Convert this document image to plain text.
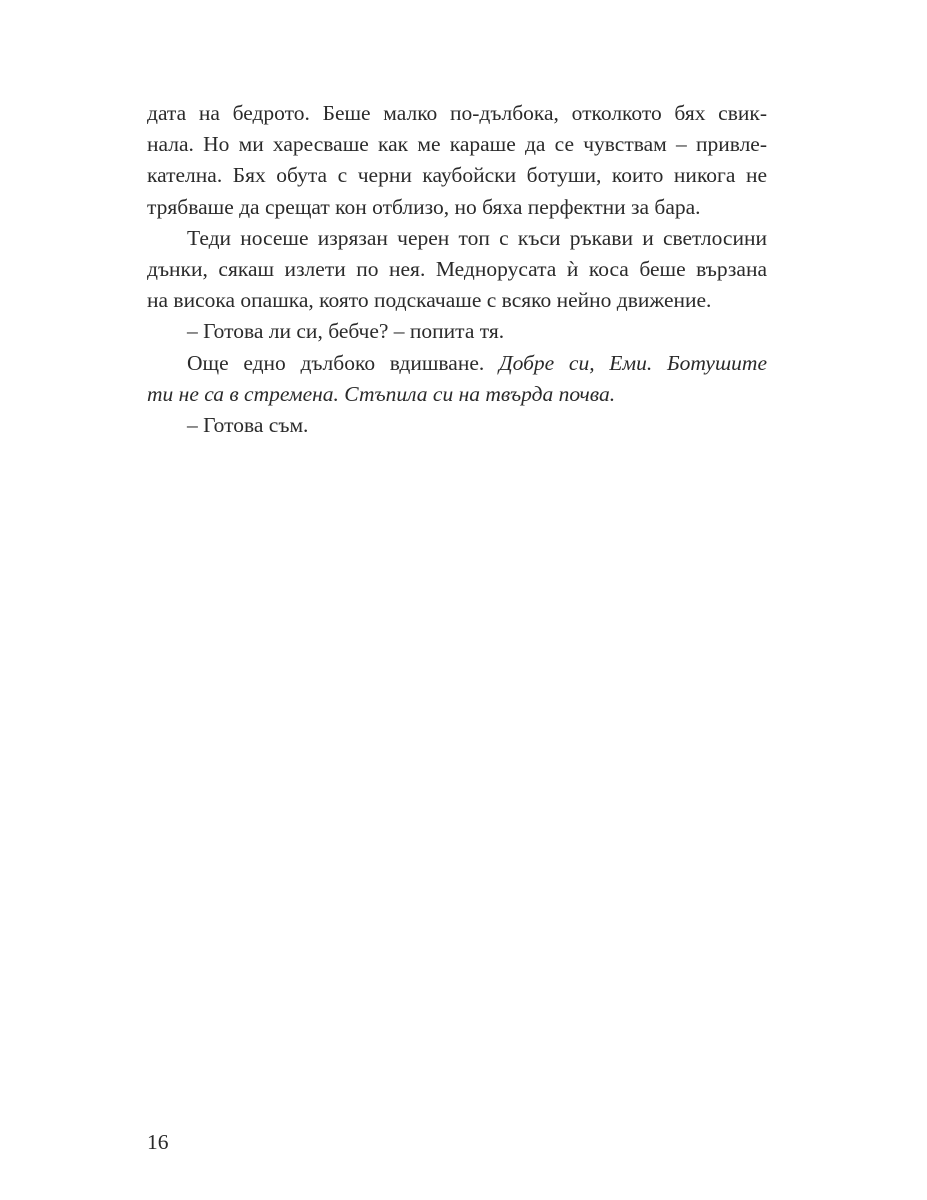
дата на бедрото. Беше малко по-дълбока, отколкото бях свик-
нала. Но ми харесваше как ме караше да се чувствам – привле-
кателна. Бях обута с черни каубойски ботуши, които никога не
трябваше да срещат кон отблизо, но бяха перфектни за бара.
Теди носеше изрязан черен топ с къси ръкави и светлосини
дънки, сякаш излети по нея. Меднорусата ѝ коса беше вързана
на висока опашка, която подскачаше с всяко нейно движение.
– Готова ли си, бебче? – попита тя.
Още едно дълбоко вдишване. Добре си, Еми. Ботушите
ти не са в стремена. Стъпила си на твърда почва.
– Готова съм.
16
